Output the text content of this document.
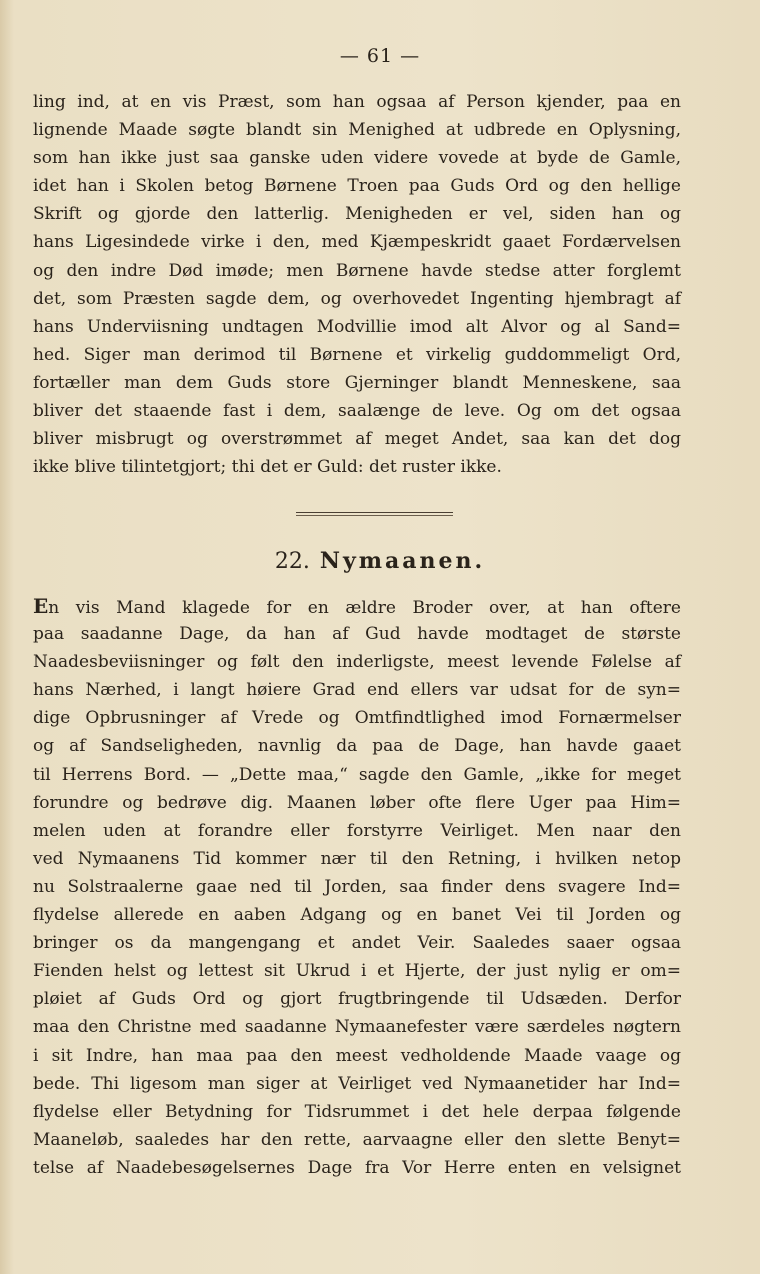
— 61 —
ling ind, at en vis Præst, som han ogsaa af Person kjender, paa en
lignende Maade søgte blandt sin Menighed at udbrede en Oplysning,
som han ikke just saa ganske uden videre vovede at byde de Gamle,
idet han i Skolen betog Børnene Troen paa Guds Ord og den hellige
Skrift og gjorde den latterlig. Menigheden er vel, siden han og
hans Ligesindede virke i den, med Kjæmpeskridt gaaet Fordærvelsen
og den indre Død imøde; men Børnene havde stedse atter forglemt
det, som Præsten sagde dem, og overhovedet Ingenting hjembragt af
hans Underviisning undtagen Modvillie imod alt Alvor og al Sand=
hed. Siger man derimod til Børnene et virkelig guddommeligt Ord,
fortæller man dem Guds store Gjerninger blandt Menneskene, saa
bliver det staaende fast i dem, saalænge de leve. Og om det ogsaa
bliver misbrugt og overstrømmet af meget Andet, saa kan det dog
ikke blive tilintetgjort; thi det er Guld: det ruster ikke.
22. Nymaanen.
En vis Mand klagede for en ældre Broder over, at han oftere
paa saadanne Dage, da han af Gud havde modtaget de største
Naadesbeviisninger og følt den inderligste, meest levende Følelse af
hans Nærhed, i langt høiere Grad end ellers var udsat for de syn=
dige Opbrusninger af Vrede og Omtfindtlighed imod Fornærmelser
og af Sandseligheden, navnlig da paa de Dage, han havde gaaet
til Herrens Bord. — „Dette maa,“ sagde den Gamle, „ikke for meget
forundre og bedrøve dig. Maanen løber ofte flere Uger paa Him=
melen uden at forandre eller forstyrre Veirliget. Men naar den
ved Nymaanens Tid kommer nær til den Retning, i hvilken netop
nu Solstraalerne gaae ned til Jorden, saa finder dens svagere Ind=
flydelse allerede en aaben Adgang og en banet Vei til Jorden og
bringer os da mangengang et andet Veir. Saaledes saaer ogsaa
Fienden helst og lettest sit Ukrud i et Hjerte, der just nylig er om=
pløiet af Guds Ord og gjort frugtbringende til Udsæden. Derfor
maa den Christne med saadanne Nymaanefester være særdeles nøgtern
i sit Indre, han maa paa den meest vedholdende Maade vaage og
bede. Thi ligesom man siger at Veirliget ved Nymaanetider har Ind=
flydelse eller Betydning for Tidsrummet i det hele derpaa følgende
Maaneløb, saaledes har den rette, aarvaagne eller den slette Benyt=
telse af Naadebesøgelsernes Dage fra Vor Herre enten en velsignet
